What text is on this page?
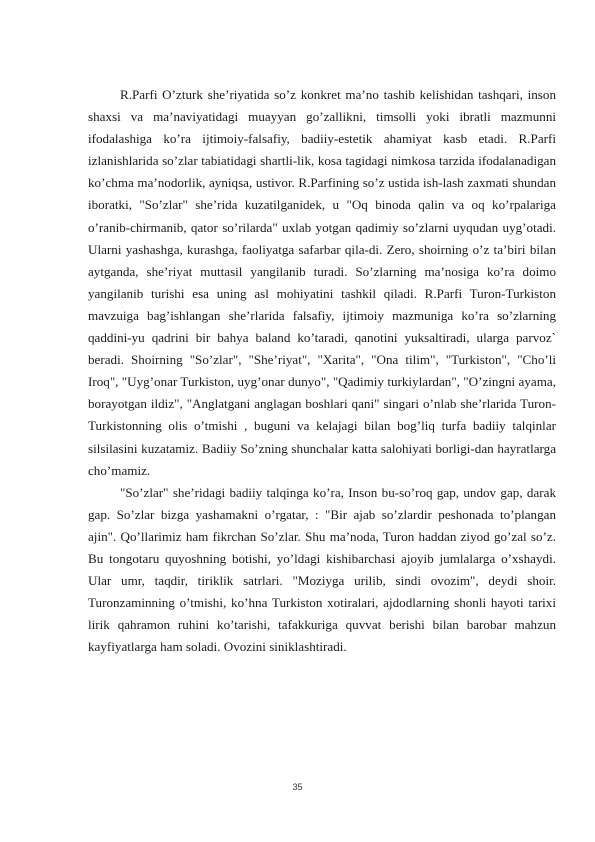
R.Parfi O’zturk she’riyatida so’z konkret ma’no tashib kelishidan tashqari, inson shaxsi va ma’naviyatidagi muayyan go’zallikni, timsolli yoki ibratli mazmunni ifodalashiga ko’ra ijtimoiy-falsafiy, badiiy-estetik ahamiyat kasb etadi. R.Parfi izlanishlarida so’zlar tabiatidagi shartli-lik, kosa tagidagi nimkosa tarzida ifodalanadigan ko’chma ma’nodorlik, ayniqsa, ustivor. R.Parfining so’z ustida ish-lash zaxmati shundan iboratki, "So’zlar" she’rida kuzatilganidek, u "Oq binoda qalin va oq ko’rpalariga o’ranib-chirmanib, qator so’rilarda" uxlab yotgan qadimiy so’zlarni uyqudan uyg’otadi. Ularni yashashga, kurashga, faoliyatga safarbar qila-di. Zero, shoirning o’z ta’biri bilan aytganda, she’riyat muttasil yangilanib turadi. So’zlarning ma’nosiga ko’ra doimo yangilanib turishi esa uning asl mohiyatini tashkil qiladi. R.Parfi Turon-Turkiston mavzuiga bag’ishlangan she’rlarida falsafiy, ijtimoiy mazmuniga ko’ra so’zlarning qaddini-yu qadrini bir bahya baland ko’taradi, qanotini yuksaltiradi, ularga parvoz` beradi. Shoirning "So’zlar", "She’riyat", "Xarita", "Ona tilim", "Turkiston", "Cho’li Iroq", "Uyg’onar Turkiston, uyg’onar dunyo", "Qadimiy turkiylardan", "O’zingni ayama, borayotgan ildiz", "Anglatgani anglagan boshlari qani" singari o’nlab she’rlarida Turon-Turkistonning olis o’tmishi , buguni va kelajagi bilan bog’liq turfa badiiy talqinlar silsilasini kuzatamiz. Badiiy So’zning shunchalar katta salohiyati borligi-dan hayratlarga cho’mamiz.

"So’zlar" she’ridagi badiiy talqinga ko’ra, Inson bu-so’roq gap, undov gap, darak gap. So’zlar bizga yashamakni o’rgatar, : "Bir ajab so’zlardir peshonada to’plangan ajin". Qo’llarimiz ham fikrchan So’zlar. Shu ma’noda, Turon haddan ziyod go’zal so’z. Bu tongotaru quyoshning botishi, yo’ldagi kishibarchasi ajoyib jumlalarga o’xshaydi. Ular umr, taqdir, tiriklik satrlari. "Moziyga urilib, sindi ovozim", deydi shoir. Turonzaminning o’tmishi, ko’hna Turkiston xotiralari, ajdodlarning shonli hayoti tarixi lirik qahramon ruhini ko’tarishi, tafakkuriga quvvat berishi bilan barobar mahzun kayfiyatlarga ham soladi. Ovozini siniklashtiradi.

35
